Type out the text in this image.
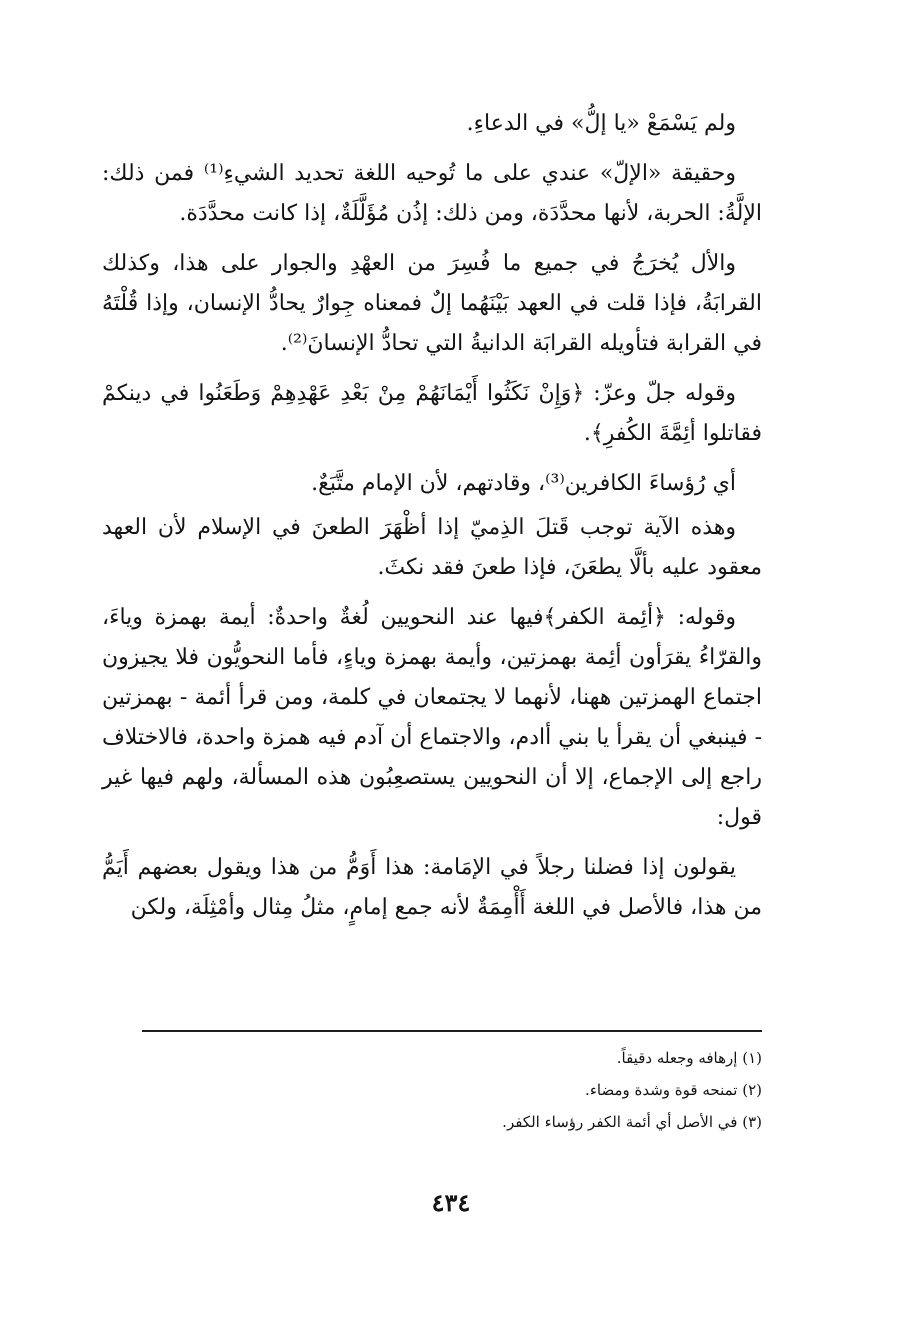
ولم يَسْمَعْ «يا إلُّ» في الدعاءِ.

وحقيقة «الإلّ» عندي على ما تُوحيه اللغة تحديد الشيءِ⁽¹⁾ فمن ذلك: الإلَّةُ: الحربة، لأنها محدَّدَة، ومن ذلك: إذُن مُؤَلَّلَةٌ، إذا كانت محدَّدَة.

والأل يُخرَجُ في جميع ما فُسِرَ من العهْدِ والجوار على هذا، وكذلك القرابَةُ، فإذا قلت في العهد بَيْنَهُما إلٌ فمعناه جِوارٌ يحادُّ الإنسان، وإذا قُلْتَهُ في القرابة فتأويله القرابَة الدانيةُ التي تحادُّ الإنسانَ⁽²⁾.

وقوله جلّ وعزّ: ﴿وَإِنْ نَكَثُوا أَيْمَانَهُمْ مِنْ بَعْدِ عَهْدِهِمْ وَطَعَنُوا في دينكمْ فقاتلوا أئِمَّةَ الكُفرِ﴾.

أي رُؤساءَ الكافرين⁽³⁾، وقادتهم، لأن الإمام متَّبَعٌ.

وهذه الآية توجب قَتلَ الذِميّ إذا أظْهَرَ الطعنَ في الإسلام لأن العهد معقود عليه بألَّا يطعَنَ، فإذا طعنَ فقد نكثَ.

وقوله: ﴿أئِمة الكفر﴾فيها عند النحويين لُغةٌ واحدةٌ: أيمة بهمزة وياءَ، والقرّاءُ يقرَأون أئِمة بهمزتين، وأيمة بهمزة وياءٍ، فأما النحويُّون فلا يجيزون اجتماع الهمزتين ههنا، لأنهما لا يجتمعان في كلمة، ومن قرأ أئمة - بهمزتين - فينبغي أن يقرأ يا بني أادم، والاجتماع أن آدم فيه همزة واحدة، فالاختلاف راجع إلى الإجماع، إلا أن النحويين يستصعِبُون هذه المسألة، ولهم فيها غير قول:

يقولون إذا فضلنا رجلاً في الإمَامة: هذا أَوَمُّ من هذا ويقول بعضهم أَيَمُّ من هذا، فالأصل في اللغة أَأْمِمَةٌ لأنه جمع إمامٍ، مثلُ مِثال وأمْثِلَة، ولكن

(١) إرهافه وجعله دقيقاً.
(٢) تمنحه قوة وشدة ومضاء.
(٣) في الأصل أي أئمة الكفر رؤساء الكفر.
٤٣٤
